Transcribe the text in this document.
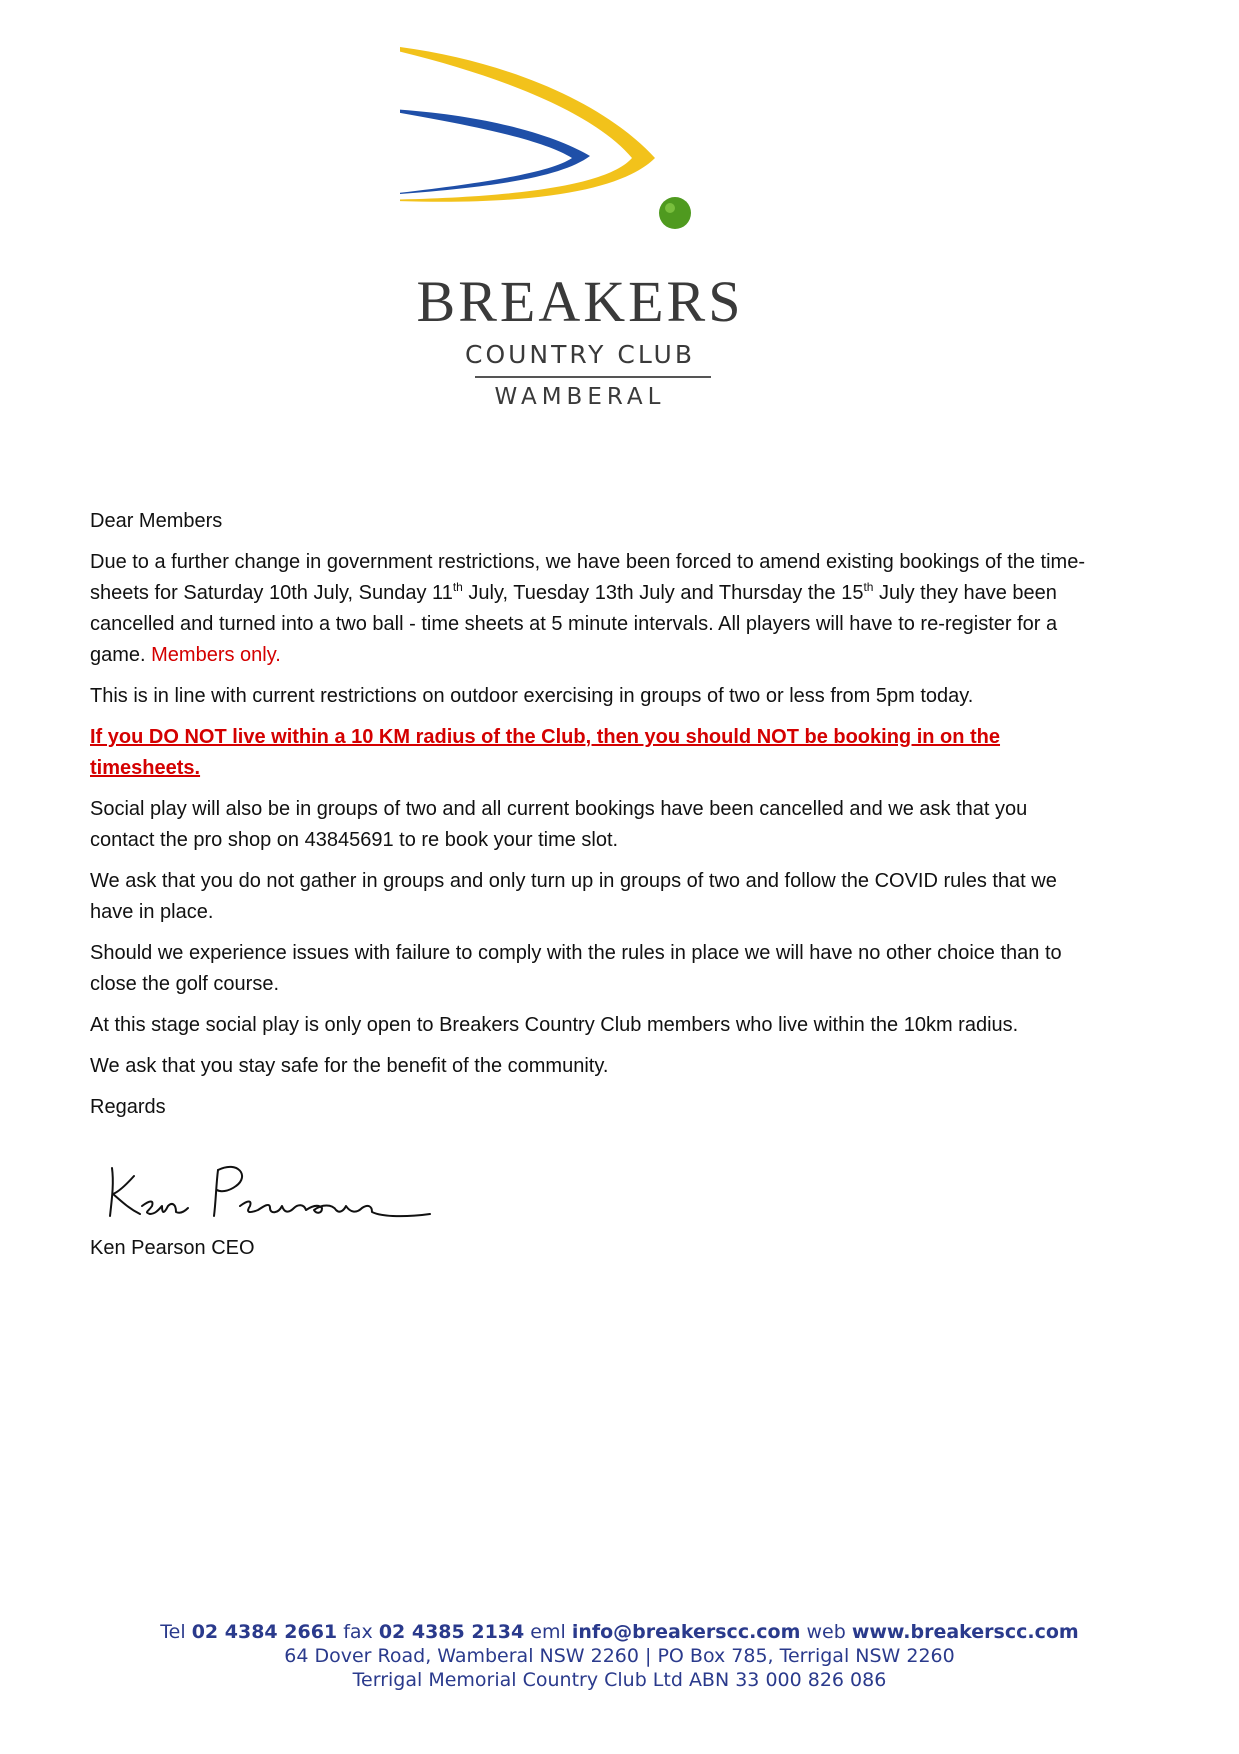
BREAKERS
COUNTRY CLUB
WAMBERAL

Dear Members

Due to a further change in government restrictions, we have been forced to amend existing bookings of the time-sheets for Saturday 10th July, Sunday 11th July, Tuesday 13th July and Thursday the 15th July they have been cancelled and turned into a two ball - time sheets at 5 minute intervals. All players will have to re-register for a game. Members only.

This is in line with current restrictions on outdoor exercising in groups of two or less from 5pm today.

If you DO NOT live within a 10 KM radius of the Club, then you should NOT be booking in on the timesheets.

Social play will also be in groups of two and all current bookings have been cancelled and we ask that you contact the pro shop on 43845691 to re book your time slot.

We ask that you do not gather in groups and only turn up in groups of two and follow the COVID rules that we have in place.

Should we experience issues with failure to comply with the rules in place we will have no other choice than to close the golf course.

At this stage social play is only open to Breakers Country Club members who live within the 10km radius.

We ask that you stay safe for the benefit of the community.

Regards

Ken Pearson CEO
Tel 02 4384 2661 fax 02 4385 2134 eml info@breakerscc.com web www.breakerscc.com
64 Dover Road, Wamberal NSW 2260 | PO Box 785, Terrigal NSW 2260
Terrigal Memorial Country Club Ltd ABN 33 000 826 086
